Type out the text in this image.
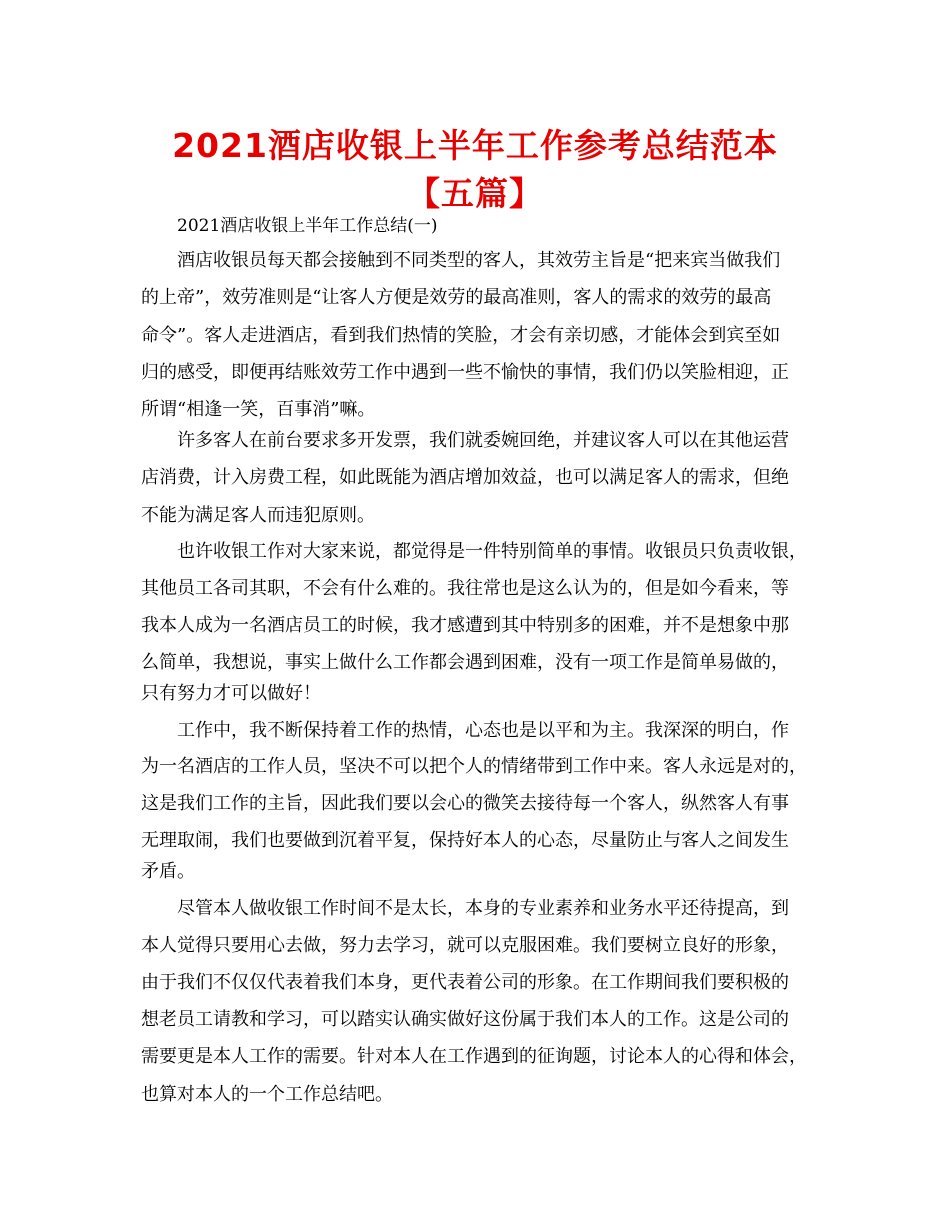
2021酒店收银上半年工作参考总结范本【五篇】

2021酒店收银上半年工作总结(一)

酒店收银员每天都会接触到不同类型的客人，其效劳主旨是“把来宾当做我们

的上帝”，效劳准则是“让客人方便是效劳的最高准则，客人的需求的效劳的最高

命令”。客人走进酒店，看到我们热情的笑脸，才会有亲切感，才能体会到宾至如

归的感受，即便再结账效劳工作中遇到一些不愉快的事情，我们仍以笑脸相迎，正

所谓“相逢一笑，百事消”嘛。

许多客人在前台要求多开发票，我们就委婉回绝，并建议客人可以在其他运营

店消费，计入房费工程，如此既能为酒店增加效益，也可以满足客人的需求，但绝

不能为满足客人而违犯原则。

也许收银工作对大家来说，都觉得是一件特别简单的事情。收银员只负责收银，

其他员工各司其职，不会有什么难的。我往常也是这么认为的，但是如今看来，等

我本人成为一名酒店员工的时候，我才感遭到其中特别多的困难，并不是想象中那

么简单，我想说，事实上做什么工作都会遇到困难，没有一项工作是简单易做的，

只有努力才可以做好！

工作中，我不断保持着工作的热情，心态也是以平和为主。我深深的明白，作

为一名酒店的工作人员，坚决不可以把个人的情绪带到工作中来。客人永远是对的，

这是我们工作的主旨，因此我们要以会心的微笑去接待每一个客人，纵然客人有事

无理取闹，我们也要做到沉着平复，保持好本人的心态，尽量防止与客人之间发生

矛盾。

尽管本人做收银工作时间不是太长，本身的专业素养和业务水平还待提高，到

本人觉得只要用心去做，努力去学习，就可以克服困难。我们要树立良好的形象，

由于我们不仅仅代表着我们本身，更代表着公司的形象。在工作期间我们要积极的

想老员工请教和学习，可以踏实认确实做好这份属于我们本人的工作。这是公司的

需要更是本人工作的需要。针对本人在工作遇到的征询题，讨论本人的心得和体会，

也算对本人的一个工作总结吧。
